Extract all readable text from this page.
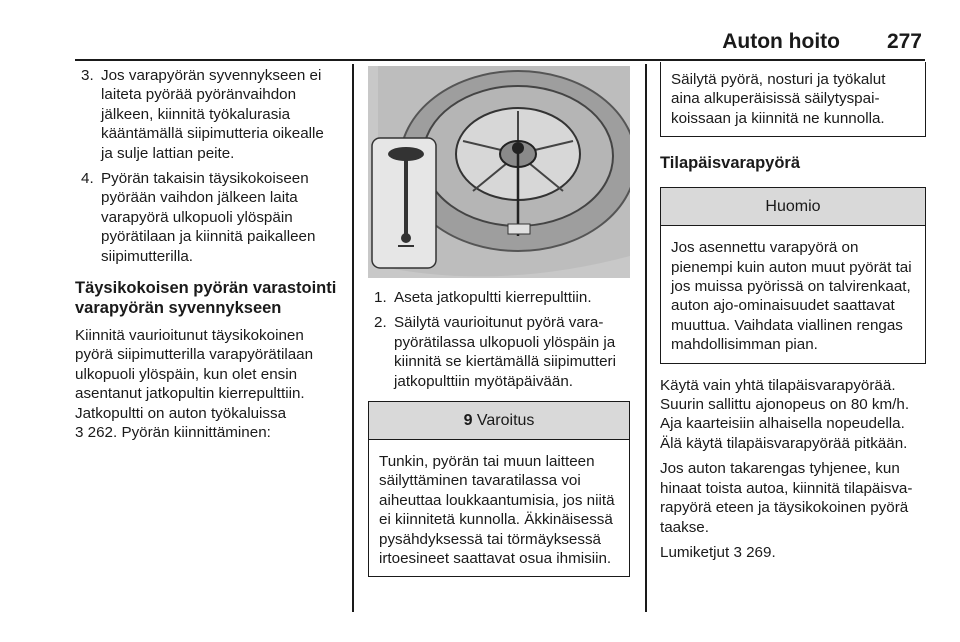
Auton hoito 277
3. Jos varapyörän syvennykseen ei laiteta pyörää pyöränvaihdon jälkeen, kiinnitä työkalurasia kääntämällä siipimutteria oikealle ja sulje lattian peite.
4. Pyörän takaisin täysikokoiseen pyörään vaihdon jälkeen laita varapyörä ulkopuoli ylöspäin pyörätilaan ja kiinnitä paikalleen siipimutterilla.
Täysikokoisen pyörän varastointi varapyörän syvennykseen

Kiinnitä vaurioitunut täysikokoinen pyörä siipimutterilla varapyörätilaan ulkopuoli ylöspäin, kun olet ensin asentanut jatkopultin kierrepulttiin. Jatkopultti on auton työkaluissa
3 262. Pyörän kiinnittäminen:

1. Aseta jatkopultti kierrepulttiin.
2. Säilytä vaurioitunut pyörä varapyörätilassa ulkopuoli ylöspäin ja kiinnitä se kiertämällä siipimutteri jatkopulttiin myötäpäivään.
9 Varoitus
Tunkin, pyörän tai muun laitteen säilyttäminen tavaratilassa voi aiheuttaa loukkaantumisia, jos niitä ei kiinnitetä kunnolla. Äkkinäisessä pysähdyksessä tai törmäyksessä irtoesineet saattavat osua ihmisiin.
Säilytä pyörä, nosturi ja työkalut aina alkuperäisissä säilytyspaikoissaan ja kiinnitä ne kunnolla.
Tilapäisvarapyörä
Huomio
Jos asennettu varapyörä on pienempi kuin auton muut pyörät tai jos muissa pyörissä on talvirenkaat, auton ajo-ominaisuudet saattavat muuttua. Vaihdata viallinen rengas mahdollisimman pian.

Käytä vain yhtä tilapäisvarapyörää. Suurin sallittu ajonopeus on 80 km/h. Aja kaarteisiin alhaisella nopeudella. Älä käytä tilapäisvarapyörää pitkään.

Jos auton takarengas tyhjenee, kun hinaat toista autoa, kiinnitä tilapäisvarapyörä eteen ja täysikokoinen pyörä taakse.

Lumiketjut 3 269.
